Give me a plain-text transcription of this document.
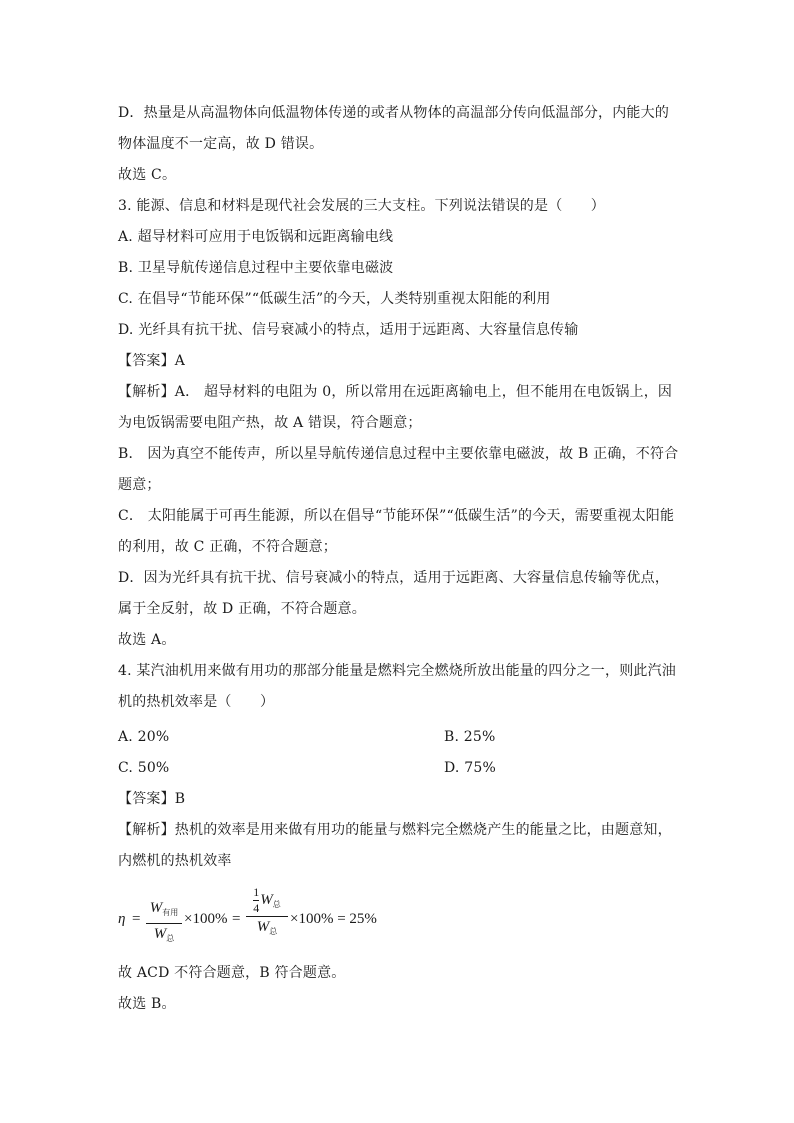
D．热量是从高温物体向低温物体传递的或者从物体的高温部分传向低温部分，内能大的
物体温度不一定高，故 D 错误。
故选 C。
3. 能源、信息和材料是现代社会发展的三大支柱。下列说法错误的是（　　）
A. 超导材料可应用于电饭锅和远距离输电线
B. 卫星导航传递信息过程中主要依靠电磁波
C. 在倡导“节能环保”“低碳生活”的今天，人类特别重视太阳能的利用
D. 光纤具有抗干扰、信号衰减小的特点，适用于远距离、大容量信息传输
【答案】A
【解析】A． 超导材料的电阻为 0，所以常用在远距离输电上，但不能用在电饭锅上，因
为电饭锅需要电阻产热，故 A 错误，符合题意；
B． 因为真空不能传声，所以星导航传递信息过程中主要依靠电磁波，故 B 正确，不符合
题意；
C． 太阳能属于可再生能源，所以在倡导“节能环保”“低碳生活”的今天，需要重视太阳能
的利用，故 C 正确，不符合题意；
D．因为光纤具有抗干扰、信号衰减小的特点，适用于远距离、大容量信息传输等优点，
属于全反射，故 D 正确，不符合题意。
故选 A。
4. 某汽油机用来做有用功的那部分能量是燃料完全燃烧所放出能量的四分之一，则此汽油
机的热机效率是（　　）
A. 20%	B. 25%
C. 50%	D. 75%
【答案】B
【解析】热机的效率是用来做有用功的能量与燃料完全燃烧产生的能量之比，由题意知，
内燃机的热机效率
η =
$W_{有用}$
$W_总$
×100% =
$\frac{1}{4}W_总$
$W_总$
×100% = 25%
故 ACD 不符合题意，B 符合题意。
故选 B。
